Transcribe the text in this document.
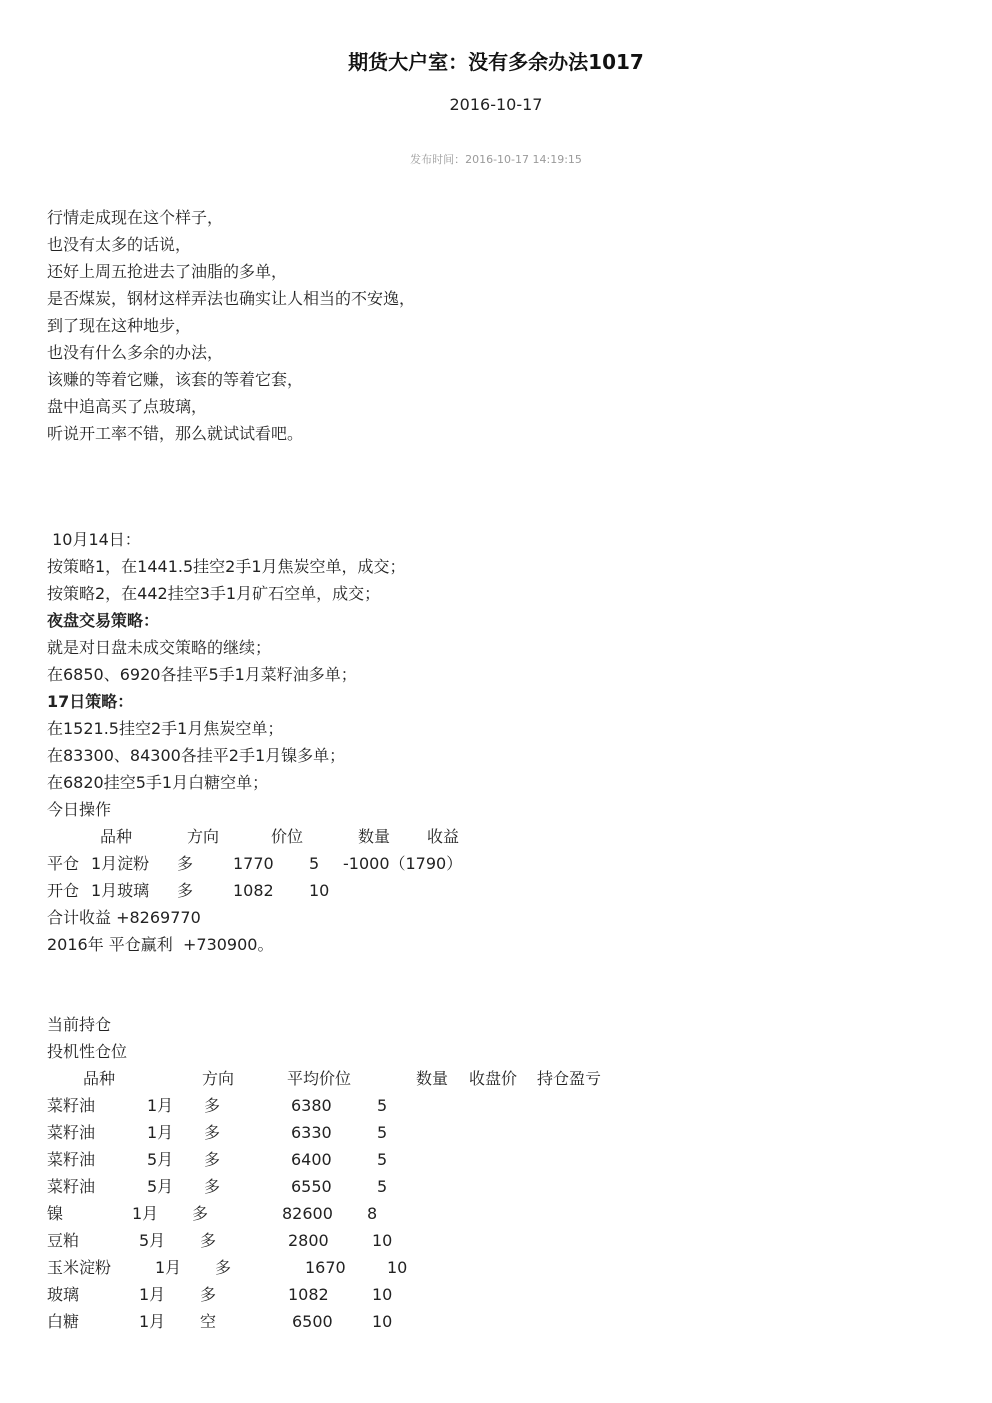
期货大户室：没有多余办法1017
2016-10-17
发布时间：2016-10-17 14:19:15
行情走成现在这个样子，
也没有太多的话说，
还好上周五抢进去了油脂的多单，
是否煤炭，钢材这样弄法也确实让人相当的不安逸，
到了现在这种地步，
也没有什么多余的办法，
该赚的等着它赚，该套的等着它套，
盘中追高买了点玻璃，
听说开工率不错，那么就试试看吧。
10月14日：
按策略1，在1441.5挂空2手1月焦炭空单，成交；
按策略2，在442挂空3手1月矿石空单，成交；
夜盘交易策略：
就是对日盘未成交策略的继续；
在6850、6920各挂平5手1月菜籽油多单；
17日策略：
在1521.5挂空2手1月焦炭空单；
在83300、84300各挂平2手1月镍多单；
在6820挂空5手1月白糖空单；
今日操作
品种	方向	价位	数量 收益
平仓 1月淀粉 多 1770 5 -1000（1790）
开仓 1月玻璃 多 1082 10
合计收益 +8269770
2016年 平仓赢利  +730900。
当前持仓
投机性仓位
品种	方向	平均价位	数量 收盘价 持仓盈亏
菜籽油	1月 多	6380	5
菜籽油	1月 多	6330	5
菜籽油	5月 多	6400	5
菜籽油	5月 多	6550	5
镍	1月 多	82600 8
豆粕	5月 多	2800	10
玉米淀粉	1月 多	1670	10
玻璃	1月 多	1082	10
白糖	1月 空	6500 10
